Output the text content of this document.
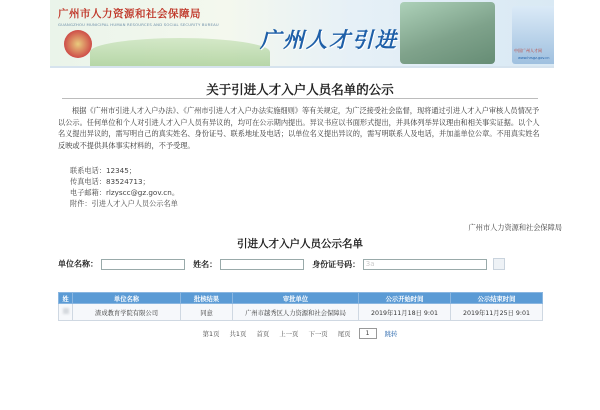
广州市人力资源和社会保障局
GUANGZHOU MUNICIPAL HUMAN RESOURCES AND SOCIAL SECURITY BUREAU
广州人才引进	中国广州人才网
www.hrsgz.gov.cn
关于引进人才入户人员名单的公示
根据《广州市引进人才入户办法》、《广州市引进人才入户办法实施细则》等有关规定，为广泛接受社会监督，现将通过引进人才入户审核人员情况予以公示。任何单位和个人对引进人才入户人员有异议的，均可在公示期内提出。异议书应以书面形式提出，并具体列举异议理由和相关事实证据。以个人名义提出异议的，需写明自己的真实姓名、身份证号、联系地址及电话；以单位名义提出异议的，需写明联系人及电话，并加盖单位公章。不用真实姓名反映或不提供具体事实材料的，不予受理。
联系电话：12345；
传真电话：83524713；
电子邮箱：rlzyscc@gz.gov.cn。
附件：引进人才入户人员公示名单
广州市人力资源和社会保障局
引进人才入户人员公示名单
单位名称：	姓名：	身份证号码： 3a
姓	单位名称	批核结果	审批单位	公示开始时间	公示结束时间
	渣成教育学院有限公司	同意	广州市越秀区人力资源和社会保障局	2019年11月18日 9:01	2019年11月25日 9:01
第1页 共1页 首页 上一页 下一页 尾页 1 跳转
